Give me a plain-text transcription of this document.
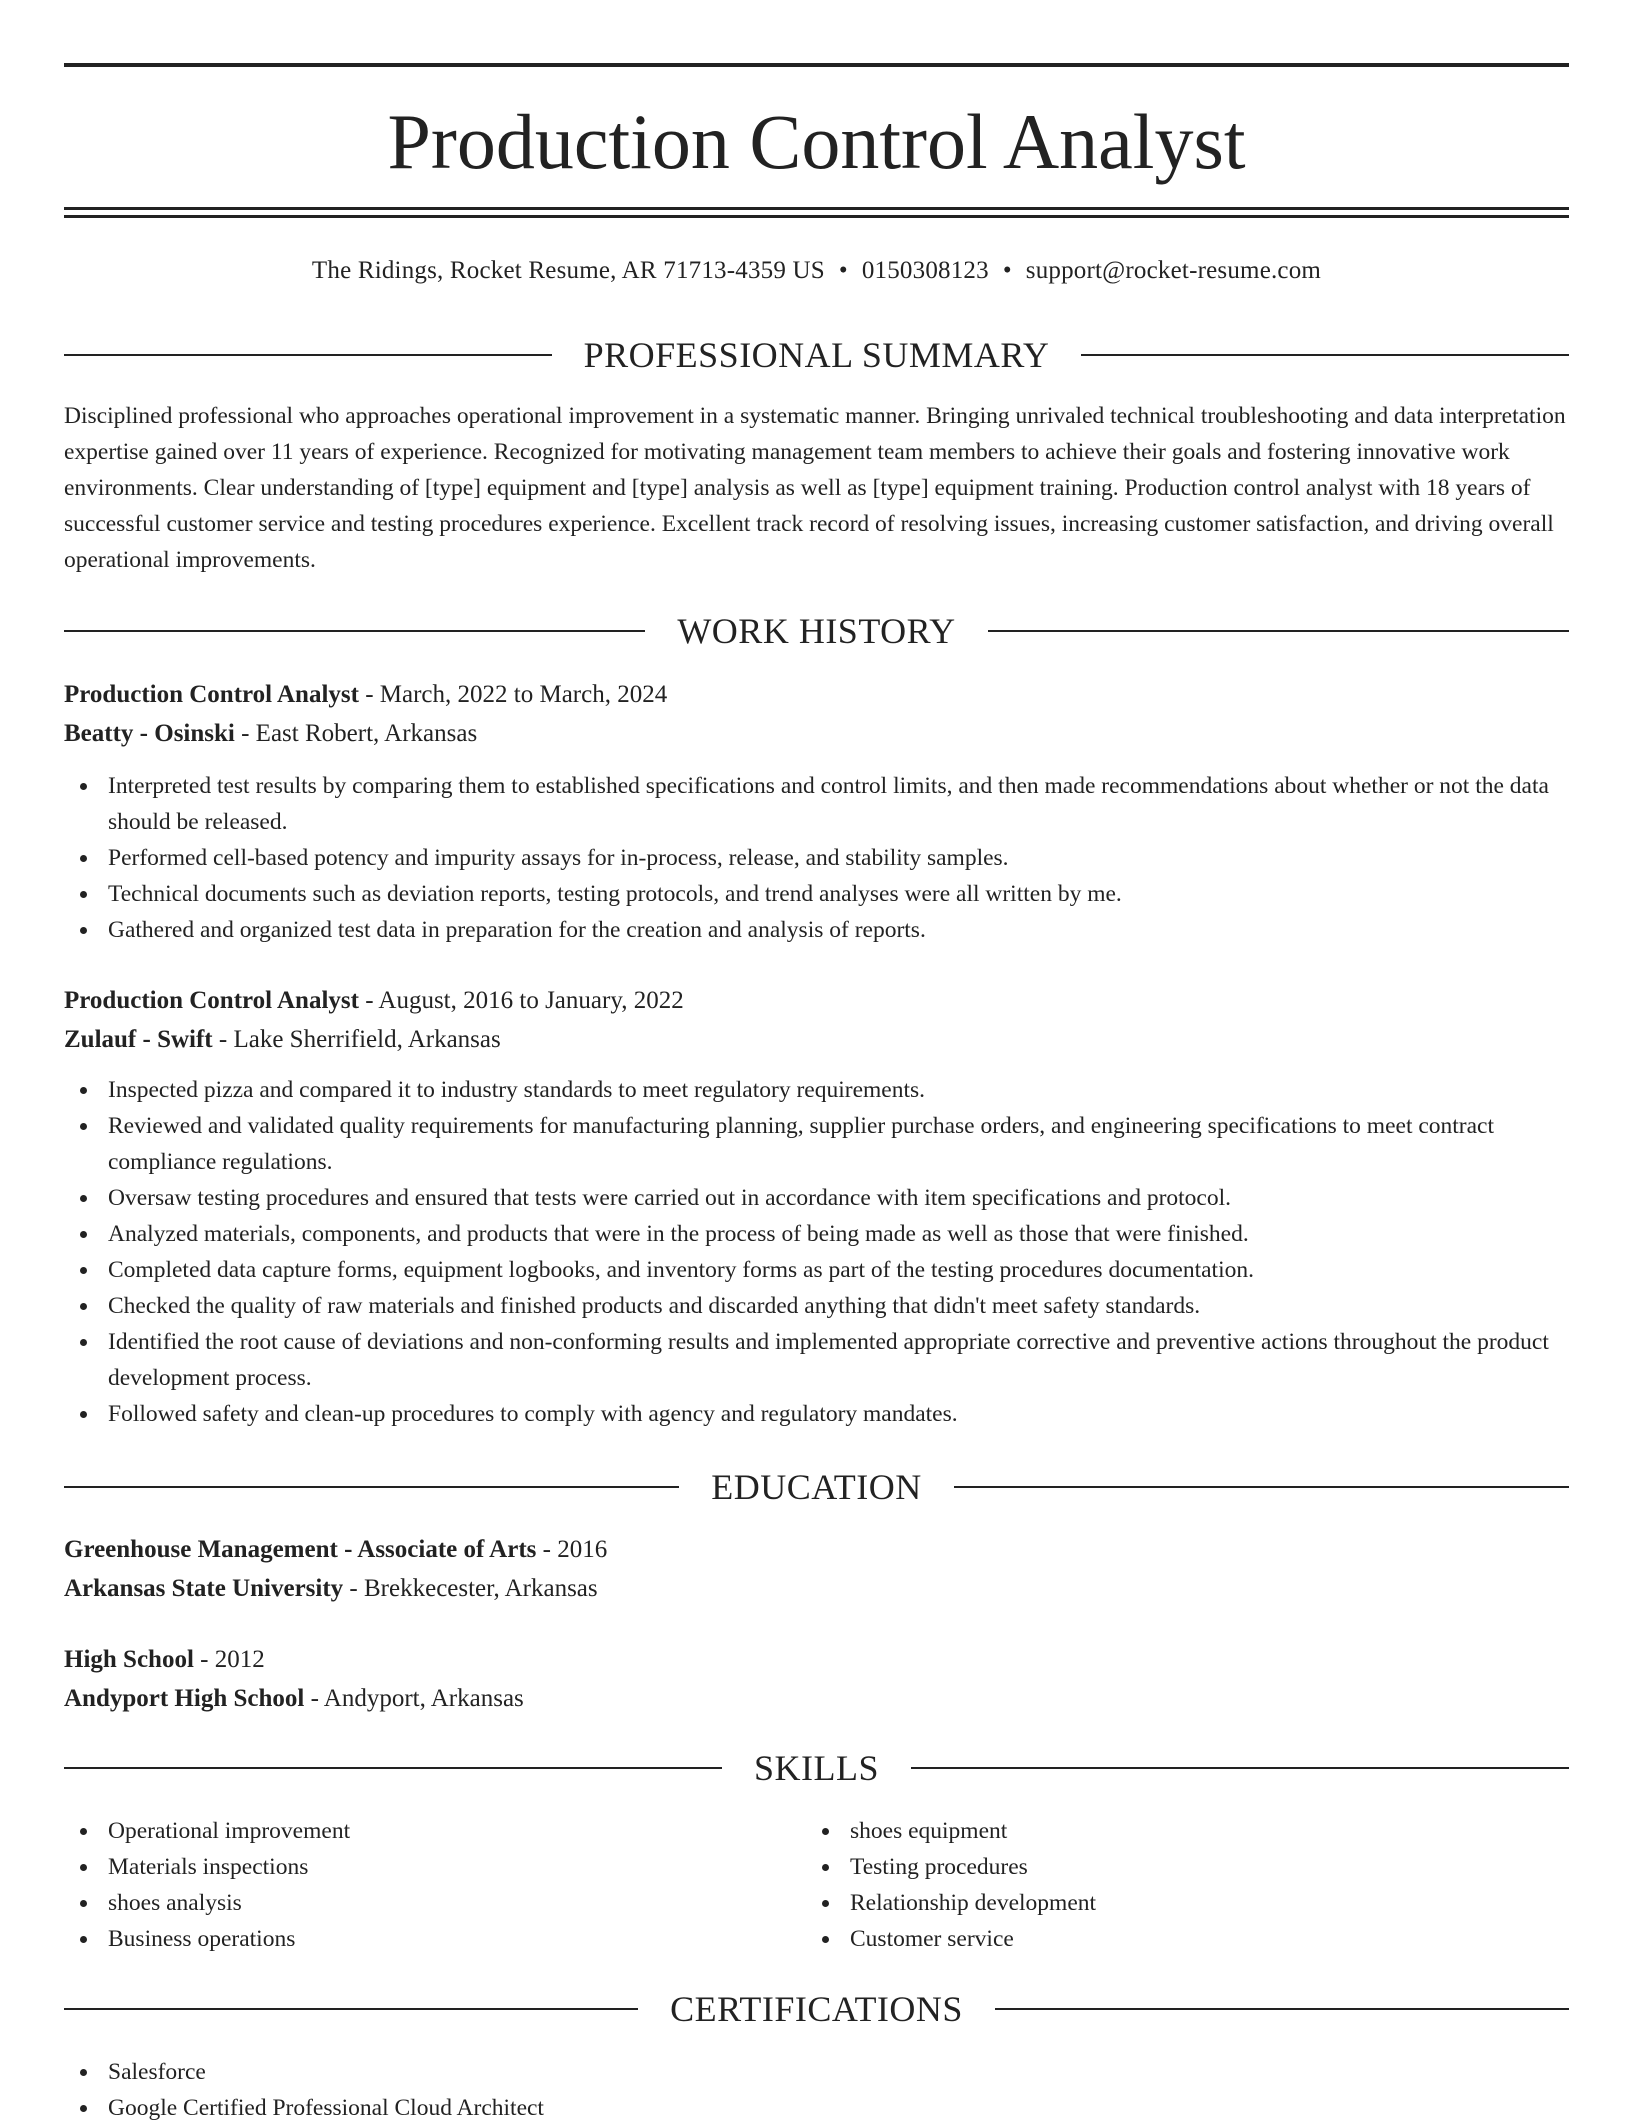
Production Control Analyst
The Ridings, Rocket Resume, AR 71713-4359 US • 0150308123 • support@rocket-resume.com
PROFESSIONAL SUMMARY

Disciplined professional who approaches operational improvement in a systematic manner. Bringing unrivaled technical troubleshooting and data interpretation expertise gained over 11 years of experience. Recognized for motivating management team members to achieve their goals and fostering innovative work environments. Clear understanding of [type] equipment and [type] analysis as well as [type] equipment training. Production control analyst with 18 years of successful customer service and testing procedures experience. Excellent track record of resolving issues, increasing customer satisfaction, and driving overall operational improvements.

WORK HISTORY
Production Control Analyst - March, 2022 to March, 2024
Beatty - Osinski - East Robert, Arkansas
Interpreted test results by comparing them to established specifications and control limits, and then made recommendations about whether or not the data should be released.
Performed cell-based potency and impurity assays for in-process, release, and stability samples.
Technical documents such as deviation reports, testing protocols, and trend analyses were all written by me.
Gathered and organized test data in preparation for the creation and analysis of reports.
Production Control Analyst - August, 2016 to January, 2022
Zulauf - Swift - Lake Sherrifield, Arkansas
Inspected pizza and compared it to industry standards to meet regulatory requirements.
Reviewed and validated quality requirements for manufacturing planning, supplier purchase orders, and engineering specifications to meet contract compliance regulations.
Oversaw testing procedures and ensured that tests were carried out in accordance with item specifications and protocol.
Analyzed materials, components, and products that were in the process of being made as well as those that were finished.
Completed data capture forms, equipment logbooks, and inventory forms as part of the testing procedures documentation.
Checked the quality of raw materials and finished products and discarded anything that didn't meet safety standards.
Identified the root cause of deviations and non-conforming results and implemented appropriate corrective and preventive actions throughout the product development process.
Followed safety and clean-up procedures to comply with agency and regulatory mandates.
EDUCATION
Greenhouse Management - Associate of Arts - 2016
Arkansas State University - Brekkecester, Arkansas
High School - 2012
Andyport High School - Andyport, Arkansas
SKILLS
Operational improvement
Materials inspections
shoes analysis
Business operations
shoes equipment
Testing procedures
Relationship development
Customer service
CERTIFICATIONS
Salesforce
Google Certified Professional Cloud Architect
